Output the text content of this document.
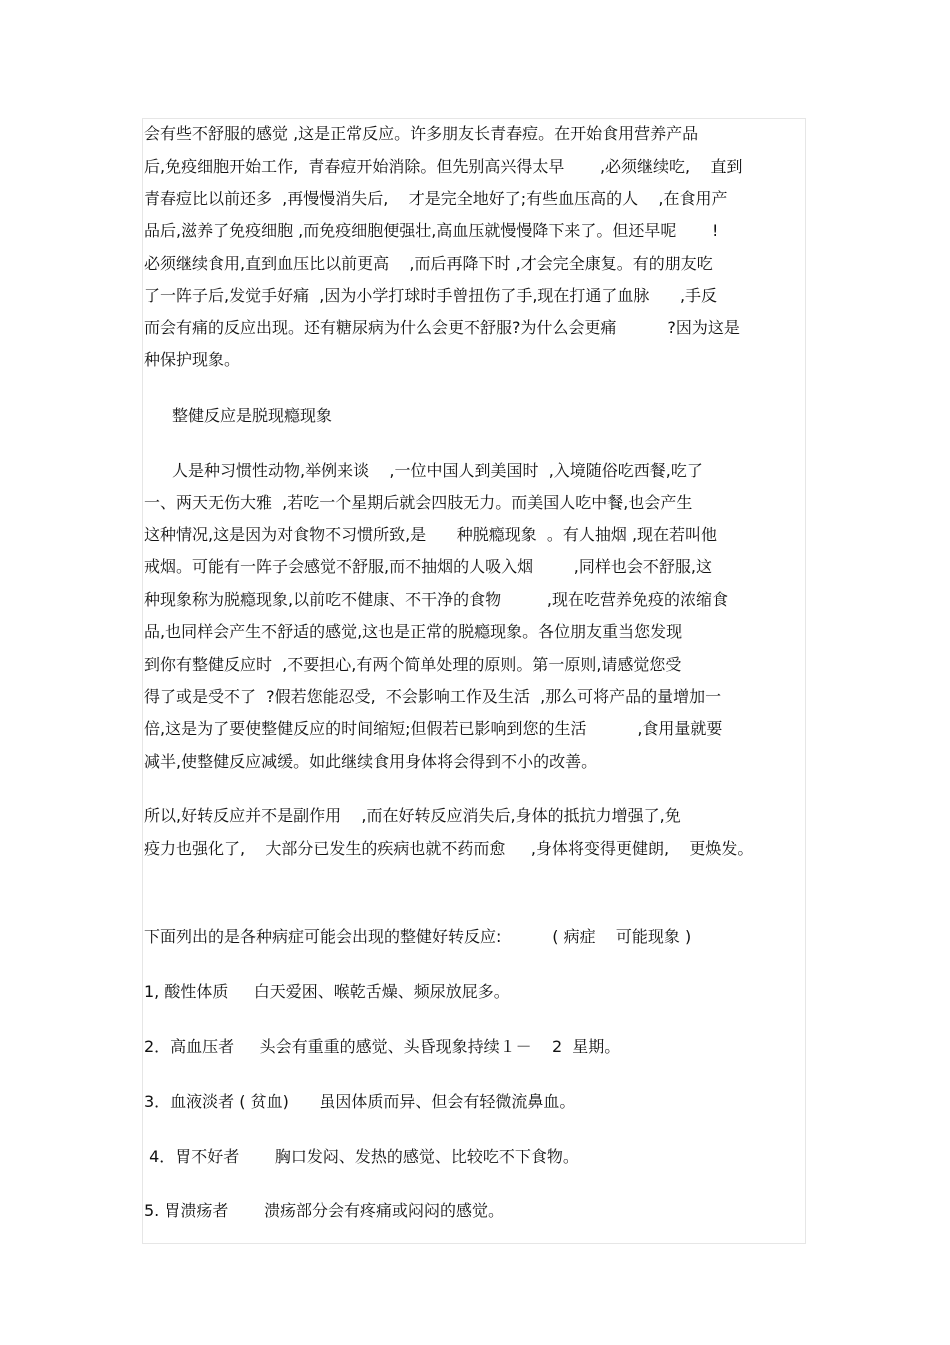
会有些不舒服的感觉 ,这是正常反应。许多朋友长青春痘。在开始食用营养产品
后,免疫细胞开始工作,  青春痘开始消除。但先别高兴得太早       ,必须继续吃,    直到
青春痘比以前还多  ,再慢慢消失后,    才是完全地好了;有些血压高的人    ,在食用产
品后,滋养了免疫细胞 ,而免疫细胞便强壮,高血压就慢慢降下来了。但还早呢       !
必须继续食用,直到血压比以前更高    ,而后再降下时 ,才会完全康复。有的朋友吃
了一阵子后,发觉手好痛  ,因为小学打球时手曾扭伤了手,现在打通了血脉      ,手反
而会有痛的反应出现。还有糖尿病为什么会更不舒服?为什么会更痛          ?因为这是
种保护现象。
整健反应是脱现瘾现象
人是种习惯性动物,举例来谈    ,一位中国人到美国时  ,入境随俗吃西餐,吃了
一、两天无伤大雅  ,若吃一个星期后就会四肢无力。而美国人吃中餐,也会产生
这种情况,这是因为对食物不习惯所致,是      种脱瘾现象  。有人抽烟 ,现在若叫他
戒烟。可能有一阵子会感觉不舒服,而不抽烟的人吸入烟        ,同样也会不舒服,这
种现象称为脱瘾现象,以前吃不健康、不干净的食物         ,现在吃营养免疫的浓缩食
品,也同样会产生不舒适的感觉,这也是正常的脱瘾现象。各位朋友重当您发现
到你有整健反应时  ,不要担心,有两个简单处理的原则。第一原则,请感觉您受
得了或是受不了  ?假若您能忍受,  不会影响工作及生活  ,那么可将产品的量增加一
倍,这是为了要使整健反应的时间缩短;但假若已影响到您的生活          ,食用量就要
减半,使整健反应减缓。如此继续食用身体将会得到不小的改善。
所以,好转反应并不是副作用    ,而在好转反应消失后,身体的抵抗力增强了,免
疫力也强化了,    大部分已发生的疾病也就不药而愈     ,身体将变得更健朗,    更焕发。
下面列出的是各种病症可能会出现的整健好转反应:          ( 病症    可能现象 )
1, 酸性体质     白天爱困、喉乾舌燥、频尿放屁多。
2．高血压者     头会有重重的感觉、头昏现象持续１－    2  星期。
3．血液淡者 ( 贫血)      虽因体质而异、但会有轻微流鼻血。
4．胃不好者       胸口发闷、发热的感觉、比较吃不下食物。
5. 胃溃疡者       溃疡部分会有疼痛或闷闷的感觉。
